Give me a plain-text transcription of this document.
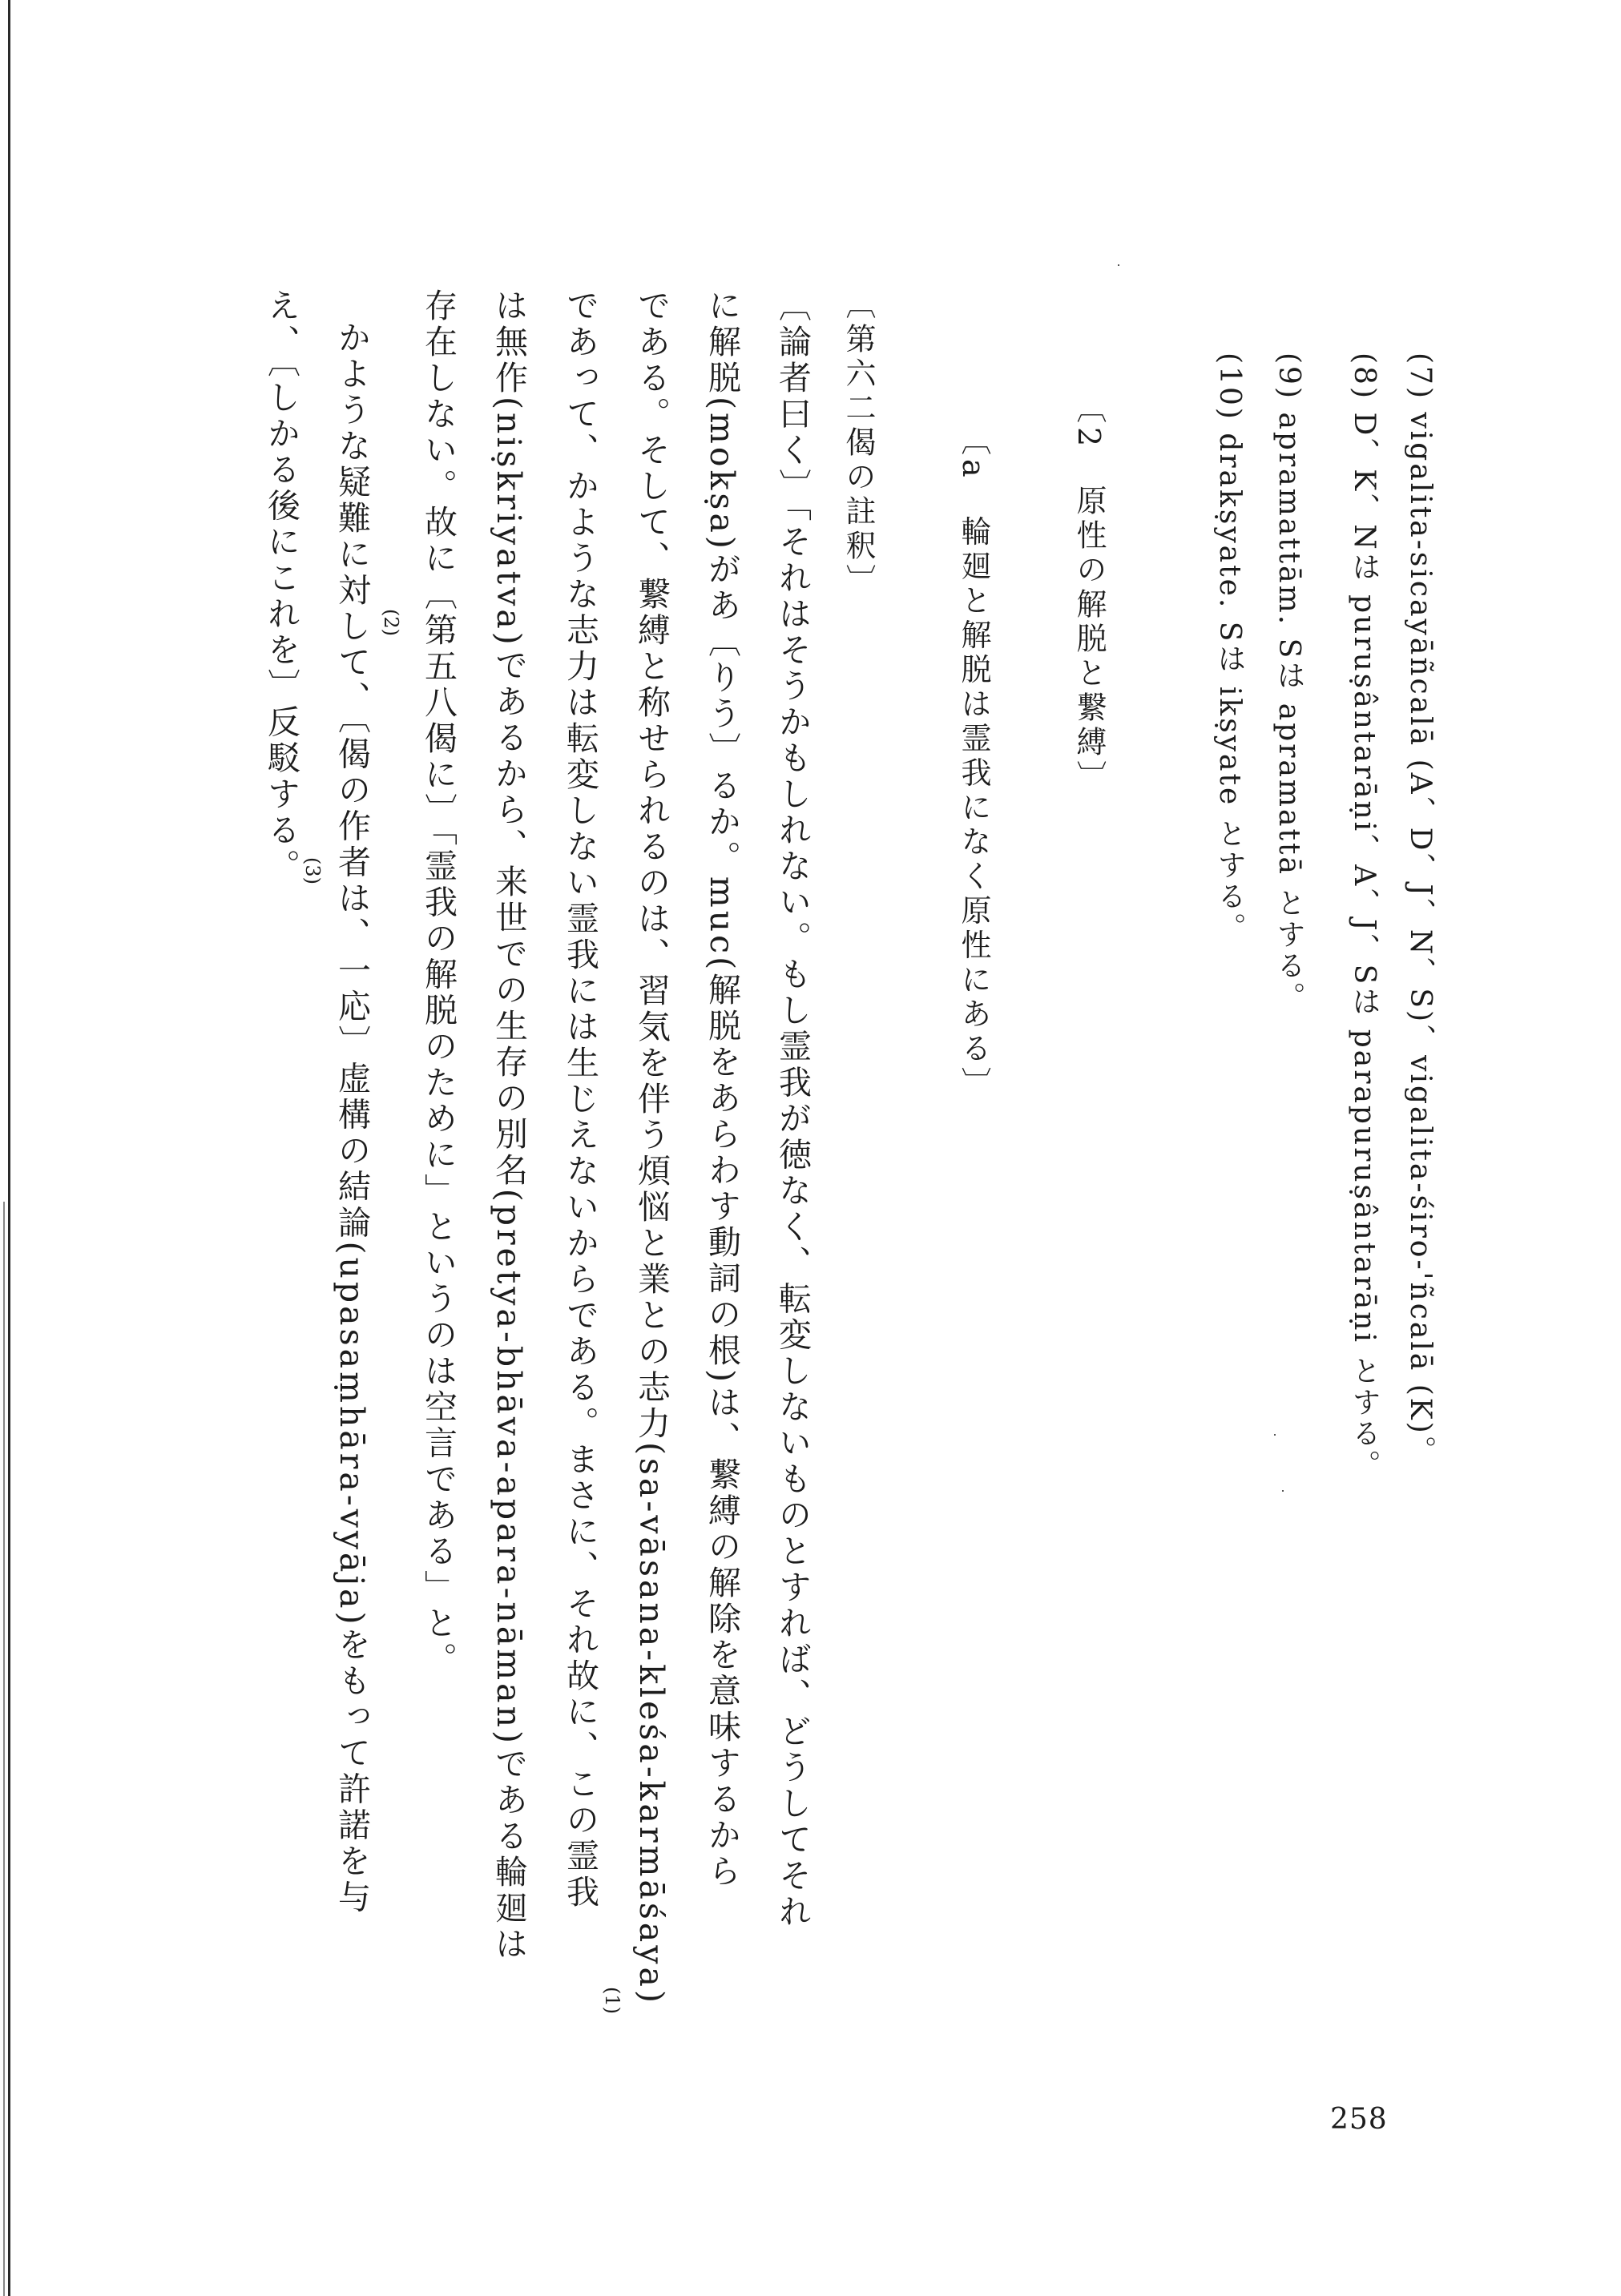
(7) vigalita-sicayāñcalā (A、D、J、N、S)、vigalita-śiro-'ñcalā (K)。
(8) D、K、Nは puruṣântarāṇi、A、J、Sは parapuruṣântarāṇi とする。
(9) apramattām. Sは apramattā とする。
(10) drakṣyate. Sは ikṣyate とする。
〔2　原性の解脱と繋縛〕
〔a　輪廻と解脱は霊我になく原性にある〕
〔第六二偈の註釈〕
〔論者曰く〕「それはそうかもしれない。もし霊我が徳なく、転変しないものとすれば、どうしてそれ
に解脱(mokṣa)があ〔りう〕るか。muc(解脱をあらわす動詞の根)は、繋縛の解除を意味するから
である。そして、繋縛と称せられるのは、習気を伴う煩悩と業との志力(sa-vāsana-kleśa-karmāśaya)
であって、かような志力は転変しない霊我には生じえないからである。まさに、それ故に、この霊我
は無作(niṣkriyatva)であるから、来世での生存の別名(pretya-bhāva-apara-nāman)である輪廻は
存在しない。故に〔第五八偈に〕「霊我の解脱のために」というのは空言である」と。
かような疑難に対して、〔偈の作者は、一応〕虚構の結論(upasaṃhāra-vyāja)をもって許諾を与
え、〔しかる後にこれを〕反駁する。
(1)
(2)
(3)
258
